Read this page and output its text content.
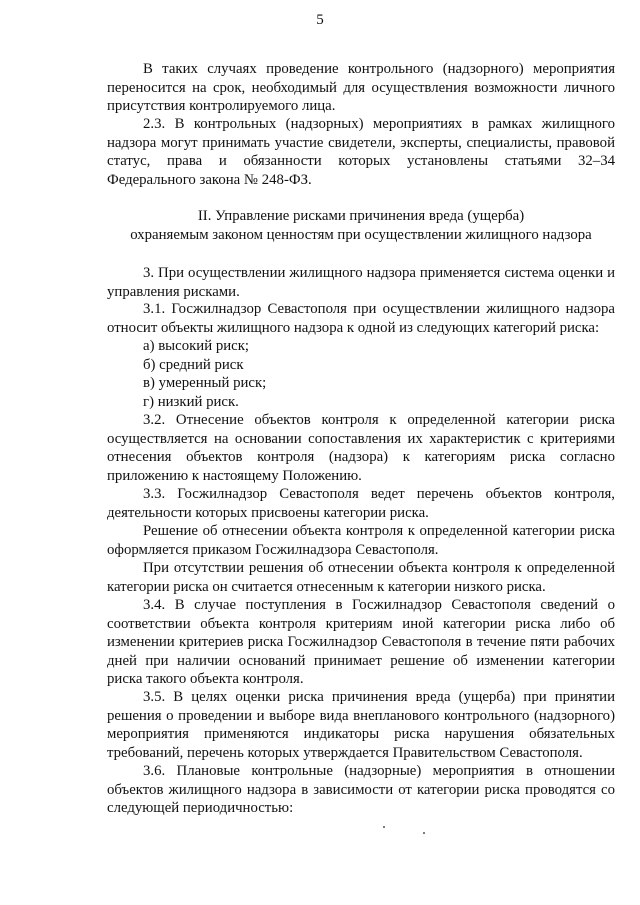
5
В таких случаях проведение контрольного (надзорного) мероприятия переносится на срок, необходимый для осуществления возможности личного присутствия контролируемого лица.
2.3. В контрольных (надзорных) мероприятиях в рамках жилищного надзора могут принимать участие свидетели, эксперты, специалисты, правовой статус, права и обязанности которых установлены статьями 32–34 Федерального закона № 248-ФЗ.
II. Управление рисками причинения вреда (ущерба)
охраняемым законом ценностям при осуществлении жилищного надзора
3. При осуществлении жилищного надзора применяется система оценки и управления рисками.
3.1. Госжилнадзор Севастополя при осуществлении жилищного надзора относит объекты жилищного надзора к одной из следующих категорий риска:
а) высокий риск;
б) средний риск
в) умеренный риск;
г) низкий риск.
3.2. Отнесение объектов контроля к определенной категории риска осуществляется на основании сопоставления их характеристик с критериями отнесения объектов контроля (надзора) к категориям риска согласно приложению к настоящему Положению.
3.3. Госжилнадзор Севастополя ведет перечень объектов контроля, деятельности которых присвоены категории риска.
Решение об отнесении объекта контроля к определенной категории риска оформляется приказом Госжилнадзора Севастополя.
При отсутствии решения об отнесении объекта контроля к определенной категории риска он считается отнесенным к категории низкого риска.
3.4. В случае поступления в Госжилнадзор Севастополя сведений о соответствии объекта контроля критериям иной категории риска либо об изменении критериев риска Госжилнадзор Севастополя в течение пяти рабочих дней при наличии оснований принимает решение об изменении категории риска такого объекта контроля.
3.5. В целях оценки риска причинения вреда (ущерба) при принятии решения о проведении и выборе вида внепланового контрольного (надзорного) мероприятия применяются индикаторы риска нарушения обязательных требований, перечень которых утверждается Правительством Севастополя.
3.6. Плановые контрольные (надзорные) мероприятия в отношении объектов жилищного надзора в зависимости от категории риска проводятся со следующей периодичностью:
